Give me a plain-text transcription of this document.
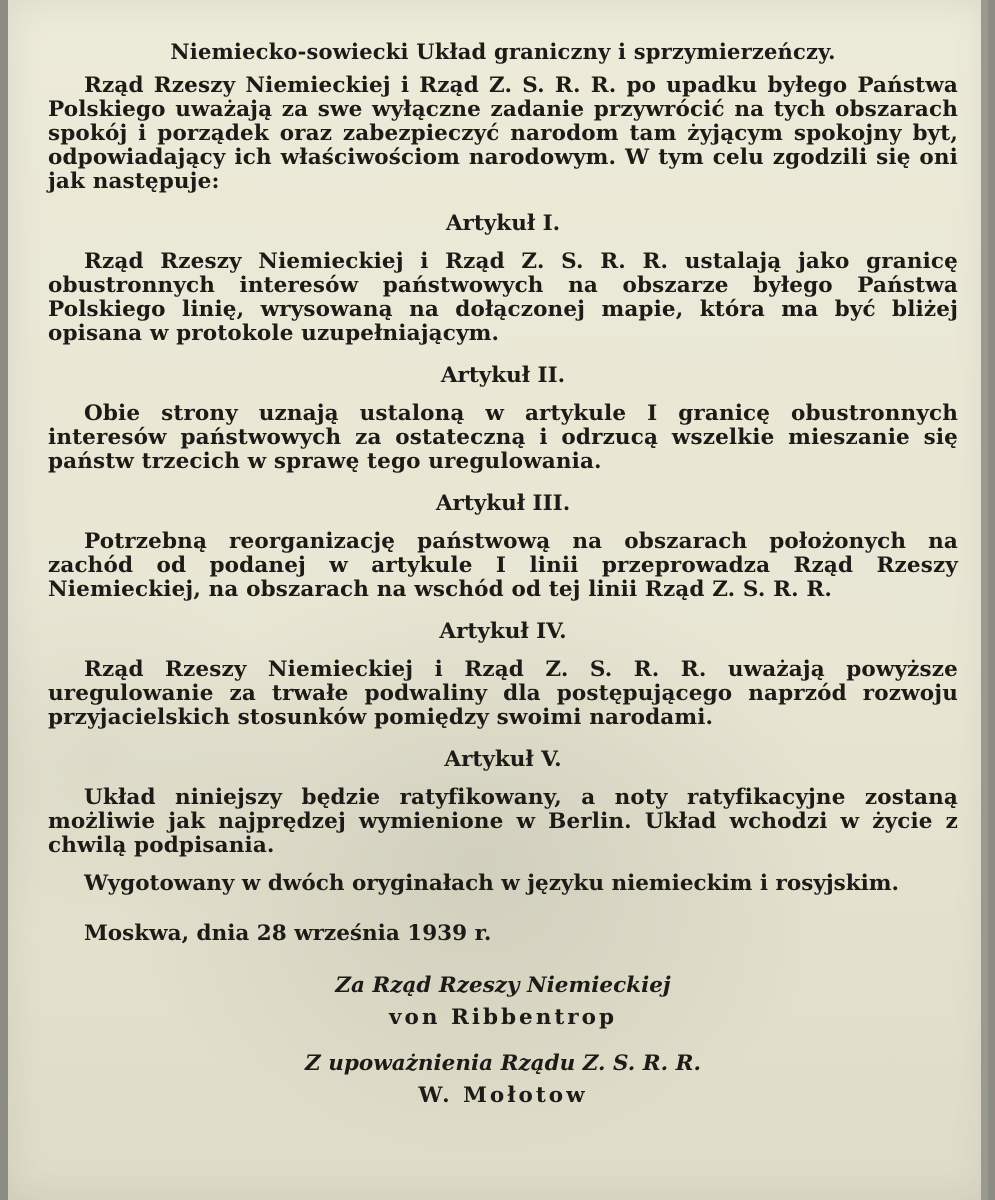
Niemiecko-sowiecki Układ graniczny i sprzymierzeńczy.

Rząd Rzeszy Niemieckiej i Rząd Z. S. R. R. po upadku byłego Państwa Polskiego uważają za swe wyłączne zadanie przywrócić na tych obszarach spokój i porządek oraz zabezpieczyć narodom tam żyjącym spokojny byt, odpowiadający ich właściwościom narodowym. W tym celu zgodzili się oni jak następuje:

Artykuł I.

Rząd Rzeszy Niemieckiej i Rząd Z. S. R. R. ustalają jako granicę obustronnych interesów państwowych na obszarze byłego Państwa Polskiego linię, wrysowaną na dołączonej mapie, która ma być bliżej opisana w protokole uzupełniającym.

Artykuł II.

Obie strony uznają ustaloną w artykule I granicę obustronnych interesów państwowych za ostateczną i odrzucą wszelkie mieszanie się państw trzecich w sprawę tego uregulowania.

Artykuł III.

Potrzebną reorganizację państwową na obszarach położonych na zachód od podanej w artykule I linii przeprowadza Rząd Rzeszy Niemieckiej, na obszarach na wschód od tej linii Rząd Z. S. R. R.

Artykuł IV.

Rząd Rzeszy Niemieckiej i Rząd Z. S. R. R. uważają powyższe uregulowanie za trwałe podwaliny dla postępującego naprzód rozwoju przyjacielskich stosunków pomiędzy swoimi narodami.

Artykuł V.

Układ niniejszy będzie ratyfikowany, a noty ratyfikacyjne zostaną możliwie jak najprędzej wymienione w Berlin. Układ wchodzi w życie z chwilą podpisania.

Wygotowany w dwóch oryginałach w języku niemieckim i rosyjskim.

Moskwa, dnia 28 września 1939 r.

Za Rząd Rzeszy Niemieckiej
von Ribbentrop
Z upoważnienia Rządu Z. S. R. R.
W. Mołotow
